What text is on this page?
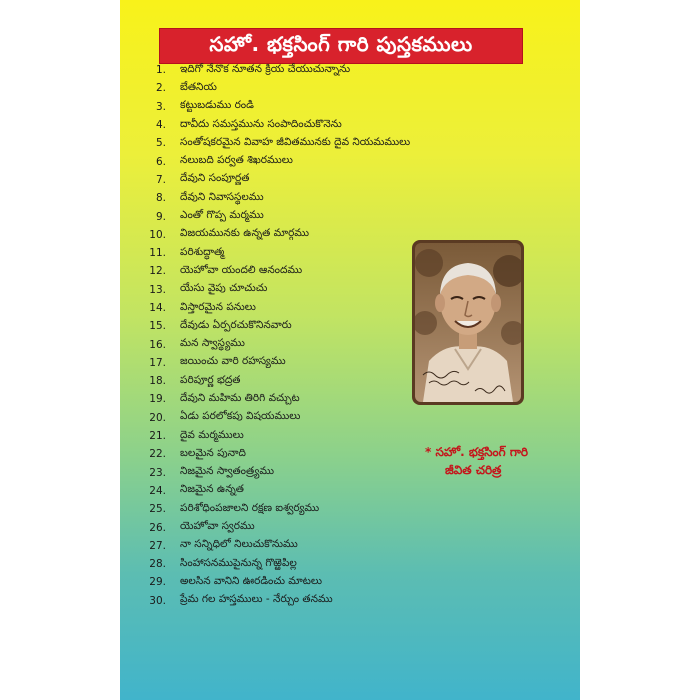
సహో. భక్తసింగ్ గారి పుస్తకములు
1.	ఇదిగో నేనొక నూతన క్రియ చేయుచున్నాను
2.	బేతనియ
3.	కట్టుబడుము రండి
4.	దావీదు సమస్తమును సంపాదించుకొనెను
5.	సంతోషకరమైన వివాహ జీవితమునకు దైవ నియమములు
6.	నలుబది పర్వత శిఖరములు
7.	దేవుని సంపూర్ణత
8.	దేవుని నివాసస్థలము
9.	ఎంతో గొప్ప మర్మము
10.	విజయమునకు ఉన్నత మార్గము
11.	పరిశుద్ధాత్మ
12.	యెహోవా యందలి ఆనందము
13.	యేసు వైపు చూచుచు
14.	విస్తారమైన పనులు
15.	దేవుడు ఏర్పరచుకొనినవారు
16.	మన స్వాస్థ్యము
17.	జయించు వారి రహస్యము
18.	పరిపూర్ణ భద్రత
19.	దేవుని మహిమ తిరిగి వచ్చుట
20.	ఏడు పరలోకపు విషయములు
21.	దైవ మర్మములు
22.	బలమైన పునాది
23.	నిజమైన స్వాతంత్ర్యము
24.	నిజమైన ఉన్నత
25.	పరిశోధింపజాలని రక్షణ ఐశ్వర్యము
26.	యెహోవా స్వరము
27.	నా సన్నిధిలో నిలుచుకొనుము
28.	సింహాసనముపైనున్న గొఱ్ఱెపిల్ల
29.	అలసిన వానిని ఊరడించు మాటలు
30.	ప్రేమ గల హస్తములు - నేర్చుం తనము
* సహో. భక్తసింగ్ గారి
జీవిత చరిత్ర
